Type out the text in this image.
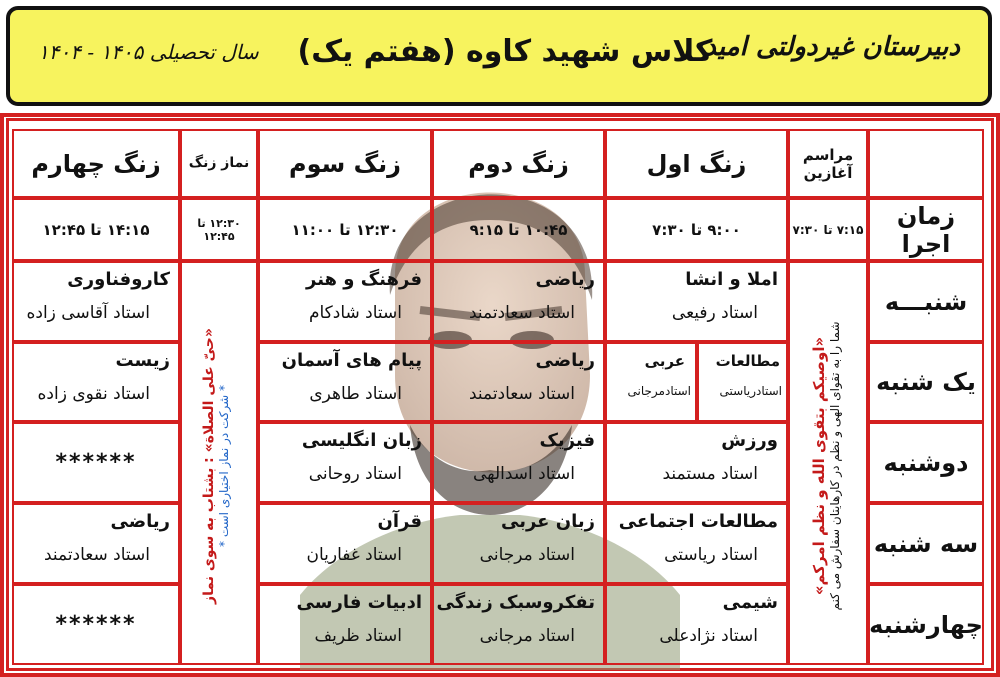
دبیرستان غیردولتی امید
کلاس شهید کاوه (هفتم یک)
سال تحصیلی ۱۴۰۵ - ۱۴۰۴
مراسم آغازین
زنگ اول
زنگ دوم
زنگ سوم
نماز زنگ
زنگ چهارم
زمان اجرا
۷:۱۵ تا ۷:۳۰
۹:۰۰ تا ۷:۳۰
۱۰:۴۵ تا ۹:۱۵
۱۲:۳۰ تا ۱۱:۰۰
۱۲:۳۰ تا ۱۲:۴۵
۱۴:۱۵ تا ۱۲:۴۵
شنبـــه
یک شنبه
دوشنبه
سه شنبه
چهارشنبه
«اوصیکم بتقوی الله و نظم امرکم» شما را به تقوای الهی و نظم در کارهایتان سفارش می کنم
«حیّ علی الصلاة» : بشتاب به سوی نماز * شرکت در نماز اختیاری است *
املا و انشا
استاد رفیعی
ریاضی
استاد سعادتمند
فرهنگ و هنر
استاد شادکام
کاروفناوری
استاد آقاسی زاده
مطالعات
استادریاستی
عربی
استادمرجانی
ریاضی
استاد سعادتمند
پیام های آسمان
استاد طاهری
زیست
استاد نقوی زاده
ورزش
استاد مستمند
فیزیک
استاد اسدالهی
زبان انگلیسی
استاد روحانی
******
مطالعات اجتماعی
استاد ریاستی
زبان عربی
استاد مرجانی
قرآن
استاد غفاریان
ریاضی
استاد سعادتمند
شیمی
استاد نژادعلی
تفکروسبک زندگی
استاد مرجانی
ادبیات فارسی
استاد ظریف
******
